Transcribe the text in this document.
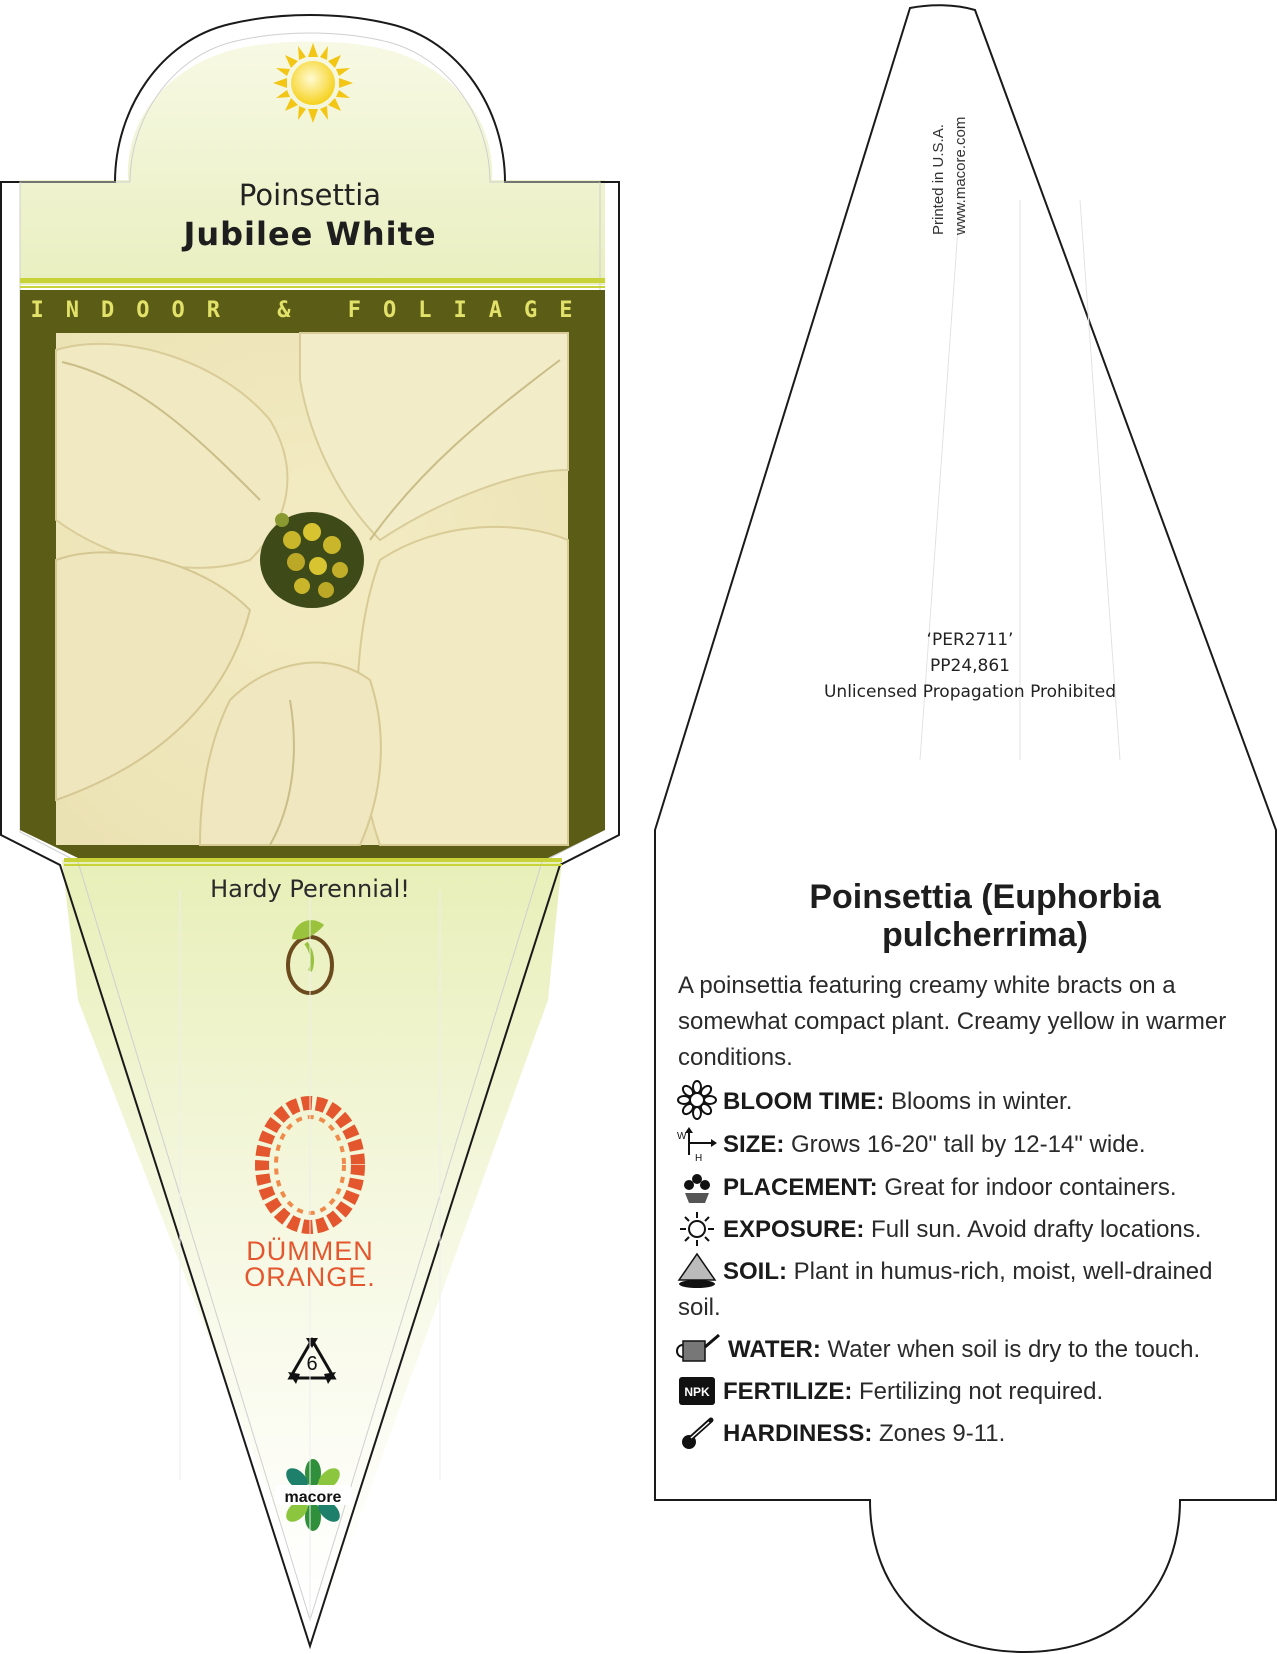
W
H
NPK
Poinsettia
Jubilee White
INDOOR & FOLIAGE
Hardy Perennial!
DÜMMEN
ORANGE.
6
macore
Printed in U.S.A. www.macore.com
‘PER2711’
PP24,861
Unlicensed Propagation Prohibited
Poinsettia (Euphorbia
pulcherrima)
A poinsettia featuring creamy white bracts on a somewhat compact plant. Creamy yellow in warmer conditions.
BLOOM TIME: Blooms in winter.
SIZE: Grows 16-20" tall by 12-14" wide.
PLACEMENT: Great for indoor containers.
EXPOSURE: Full sun. Avoid drafty locations.
SOIL: Plant in humus-rich, moist, well-drained soil.
WATER: Water when soil is dry to the touch.
FERTILIZE: Fertilizing not required.
HARDINESS: Zones 9-11.
